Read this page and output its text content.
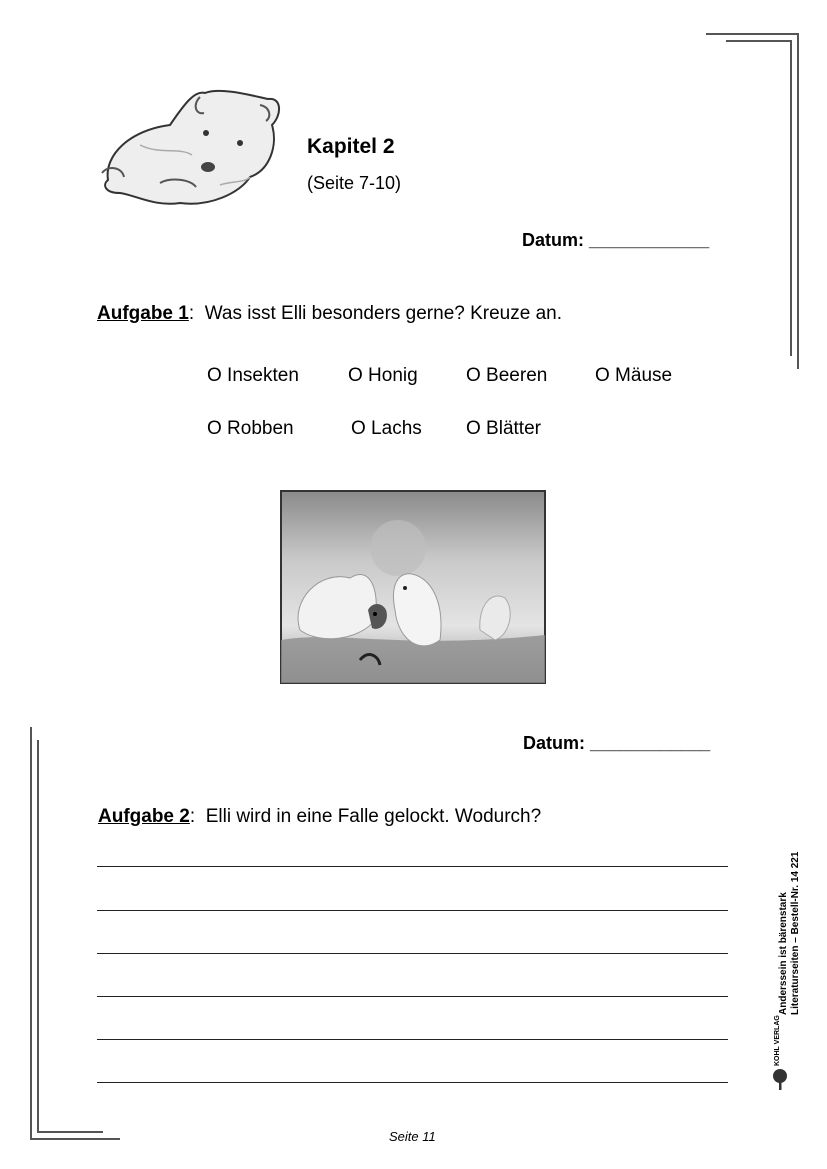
Kapitel 2
(Seite 7-10)
Datum: ____________
Aufgabe 1:  Was isst Elli besonders gerne? Kreuze an.
O Insekten	O Honig	O Beeren	O Mäuse
O Robben	O Lachs O Blätter
Datum: ____________
Aufgabe 2:  Elli wird in eine Falle gelockt. Wodurch?
Anderssein ist bärenstark Literaturseiten – Bestell-Nr. 14 221
KOHL VERLAG
Seite 11
